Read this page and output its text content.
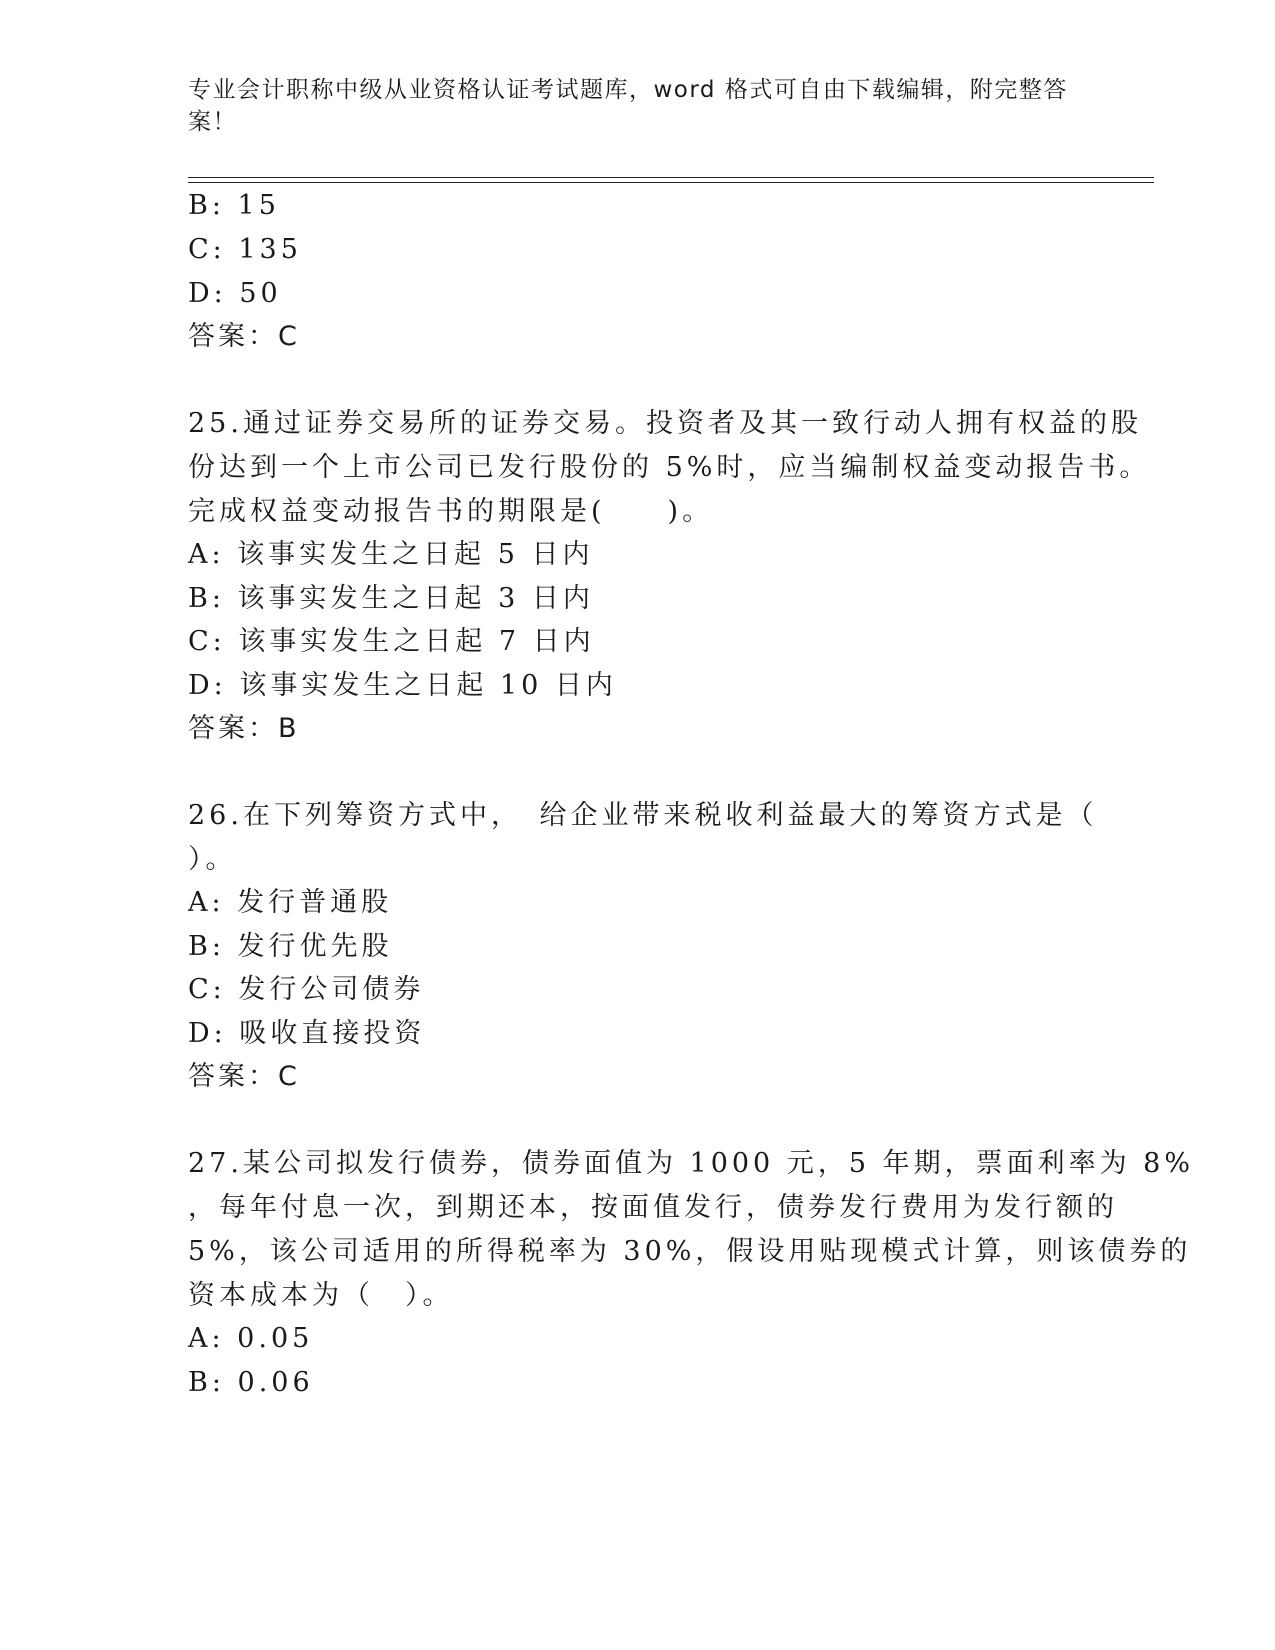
专业会计职称中级从业资格认证考试题库，word 格式可自由下载编辑，附完整答案！
B: 15
C: 135
D: 50
答案：C
25.通过证券交易所的证券交易。投资者及其一致行动人拥有权益的股
份达到一个上市公司已发行股份的 5%时，应当编制权益变动报告书。
完成权益变动报告书的期限是(　　)。
A: 该事实发生之日起 5 日内
B: 该事实发生之日起 3 日内
C: 该事实发生之日起 7 日内
D: 该事实发生之日起 10 日内
答案：B
26.在下列筹资方式中，　给企业带来税收利益最大的筹资方式是（
）。
A: 发行普通股
B: 发行优先股
C: 发行公司债券
D: 吸收直接投资
答案：C
27.某公司拟发行债券，债券面值为 1000 元，5 年期，票面利率为 8%
，每年付息一次，到期还本，按面值发行，债券发行费用为发行额的
5%，该公司适用的所得税率为 30%，假设用贴现模式计算，则该债券的
资本成本为（　）。
A: 0.05
B: 0.06
